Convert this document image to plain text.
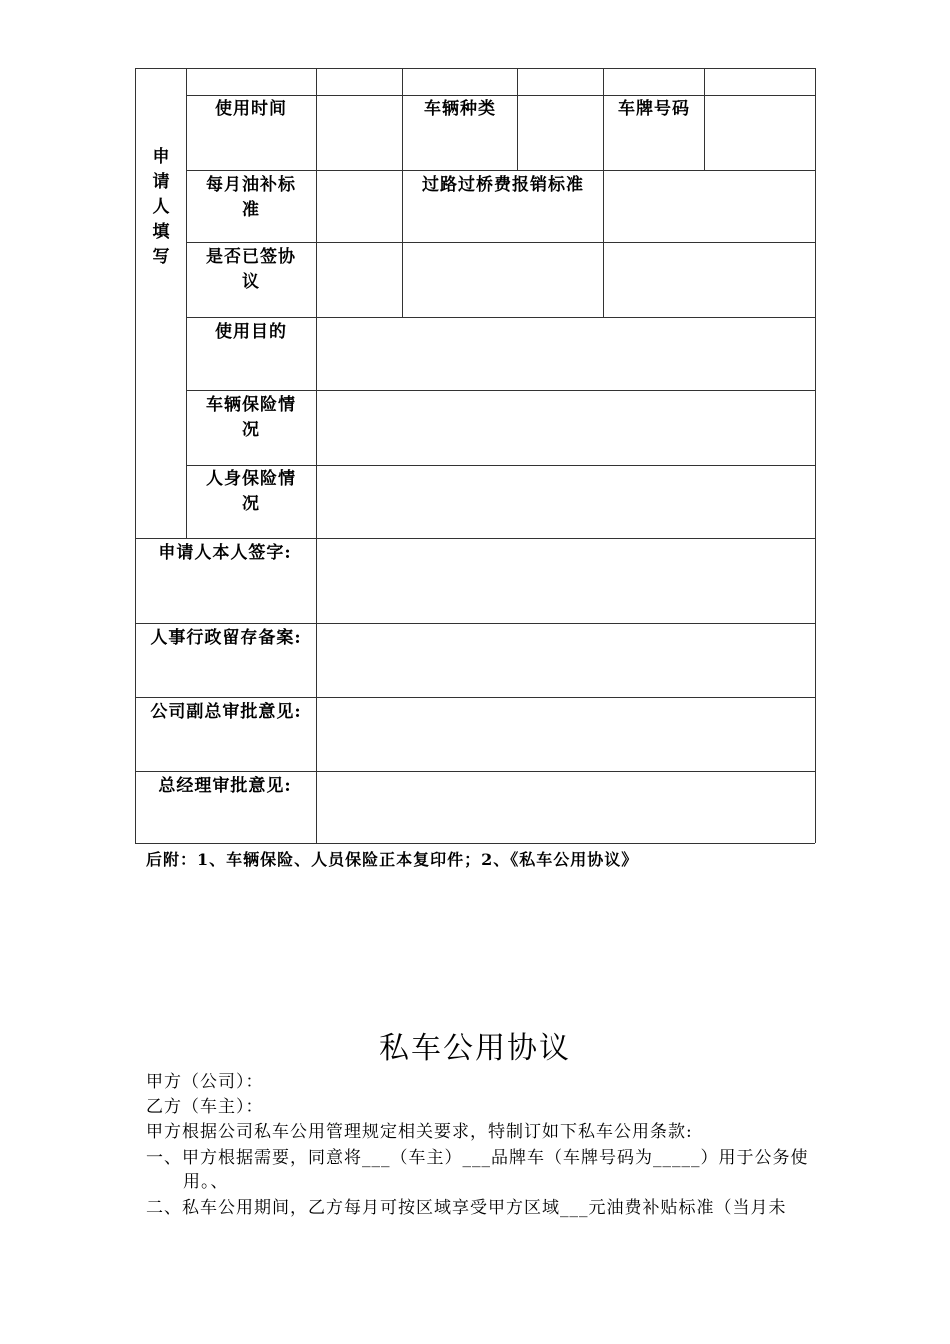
申
请
人
填
写
使用时间	车辆种类	车牌号码
每月油补标准
过路过桥费报销标准
是否已签协议
使用目的
车辆保险情况
人身保险情况
申请人本人签字:
人事行政留存备案:
公司副总审批意见:
总经理审批意见:
后附：1、车辆保险、人员保险正本复印件；2、《私车公用协议》
私车公用协议
甲方（公司）：
乙方（车主）：
甲方根据公司私车公用管理规定相关要求，特制订如下私车公用条款:
一、甲方根据需要，同意将___（车主）___品牌车（车牌号码为_____）用于公务使
用。、
二、私车公用期间，乙方每月可按区域享受甲方区域___元油费补贴标准（当月未
